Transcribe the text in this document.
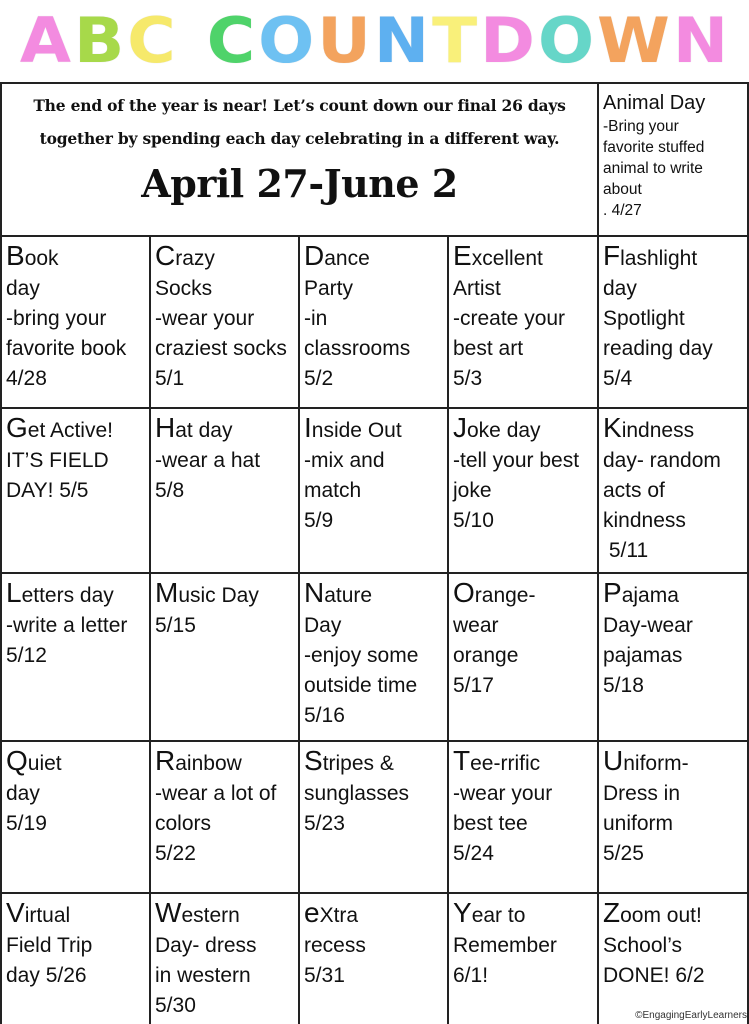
A B C C O U N T D O W N
The end of the year is near! Let’s count down our final 26 days
together by spending each day celebrating in a different way.
April 27-June 2
Animal Day
-Bring your
favorite stuffed
animal to write
about
. 4/27
Book
day
-bring your
favorite book
4/28
Crazy
Socks
-wear your
craziest socks
5/1
Dance
Party
-in
classrooms
5/2
Excellent
Artist
-create your
best art
5/3
Flashlight
day
Spotlight
reading day
5/4
Get Active!
IT’S FIELD
DAY! 5/5
Hat day
-wear a hat
5/8
Inside Out
-mix and
match
5/9
Joke day
-tell your best
joke
5/10
Kindness
day- random
acts of
kindness
5/11
Letters day
-write a letter
5/12
Music Day
5/15
Nature
Day
-enjoy some
outside time
5/16
Orange-
wear
orange
5/17
Pajama
Day-wear
pajamas
5/18
Quiet
day
5/19
Rainbow
-wear a lot of
colors
5/22
Stripes &
sunglasses
5/23
Tee-rrific
-wear your
best tee
5/24
Uniform-
Dress in
uniform
5/25
Virtual
Field Trip
day 5/26
Western
Day- dress
in western
5/30
eXtra
recess
5/31
Year to
Remember
6/1!
Zoom out!
School’s
DONE! 6/2
©EngagingEarlyLearners
